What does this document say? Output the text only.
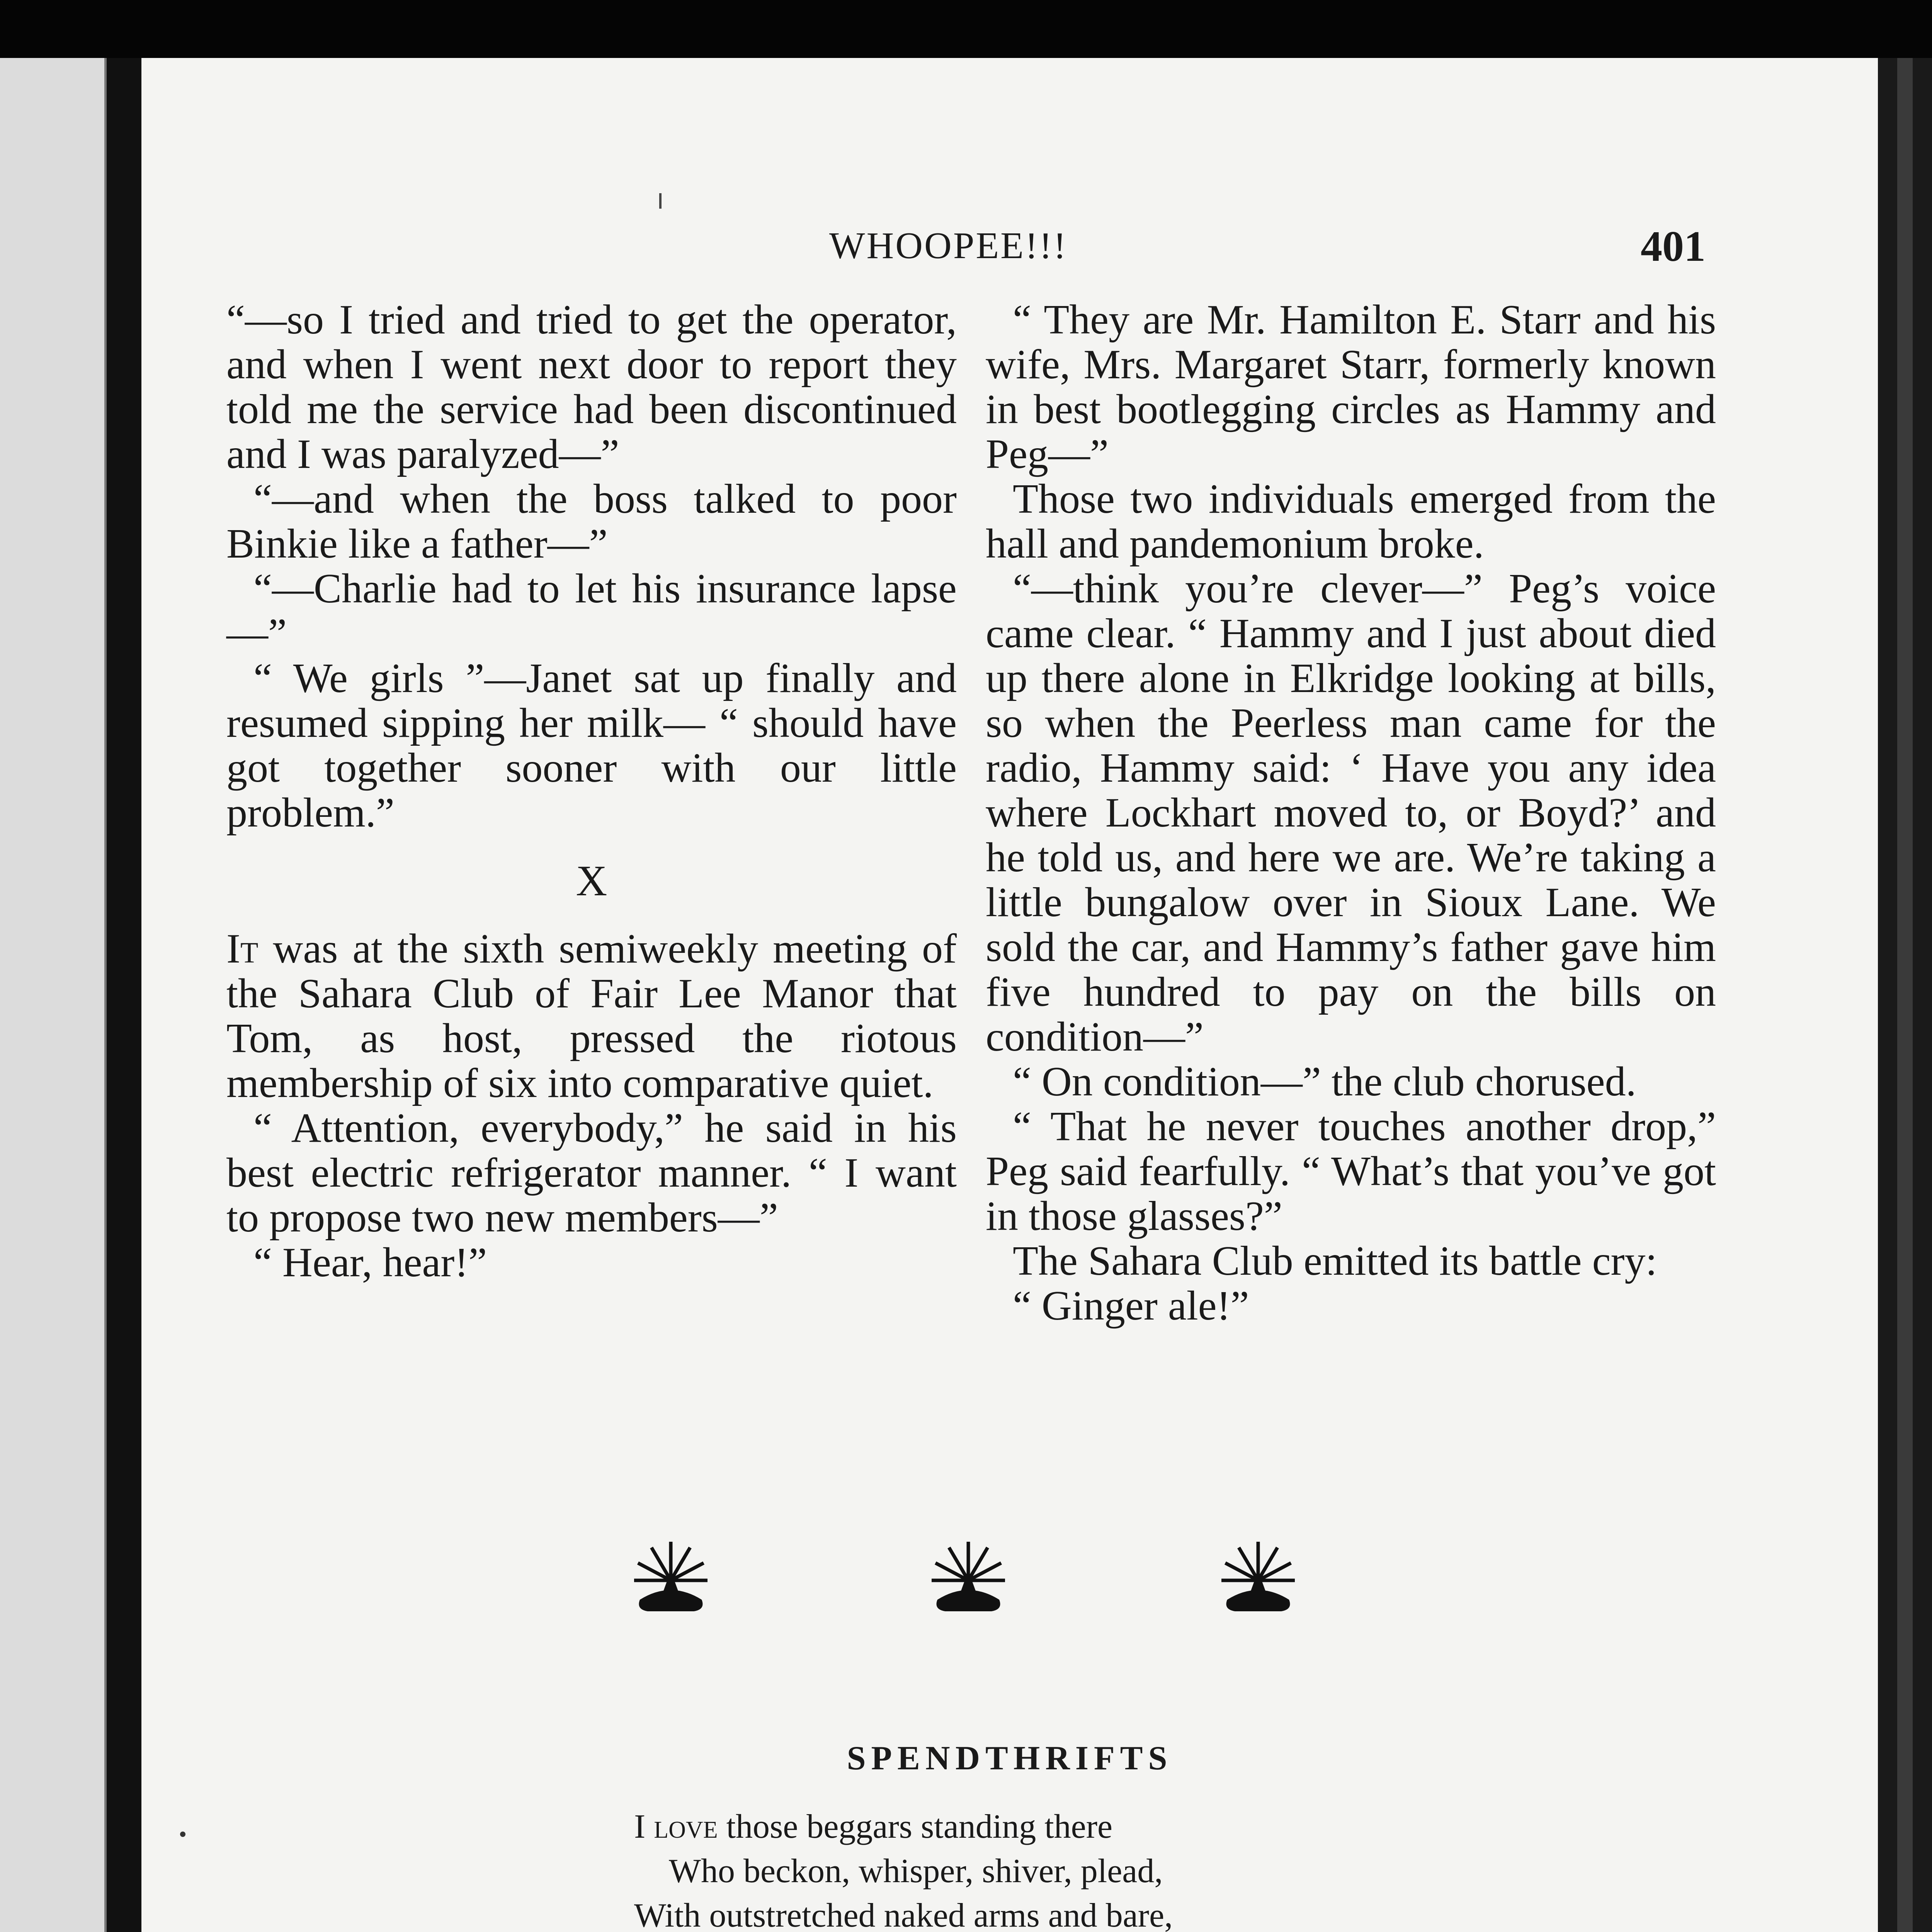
WHOOPEE!!!	401

“—so I tried and tried to get the operator, and when I went next door to report they told me the service had been discontinued and I was paralyzed—”

“—and when the boss talked to poor Binkie like a father—”

“—Charlie had to let his insurance lapse—”

“ We girls ”—Janet sat up finally and resumed sipping her milk— “ should have got together sooner with our little problem.”

X

It was at the sixth semiweekly meeting of the Sahara Club of Fair Lee Manor that Tom, as host, pressed the riotous membership of six into comparative quiet.

“ Attention, everybody,” he said in his best electric refrigerator manner. “ I want to propose two new members—”

“ Hear, hear!”

“ They are Mr. Hamilton E. Starr and his wife, Mrs. Margaret Starr, formerly known in best bootlegging circles as Hammy and Peg—”

Those two individuals emerged from the hall and pandemonium broke.

“—think you’re clever—” Peg’s voice came clear. “ Hammy and I just about died up there alone in Elkridge looking at bills, so when the Peerless man came for the radio, Hammy said: ‘ Have you any idea where Lockhart moved to, or Boyd?’ and he told us, and here we are. We’re taking a little bungalow over in Sioux Lane. We sold the car, and Hammy’s father gave him five hundred to pay on the bills on condition—”

“ On condition—” the club chorused.

“ That he never touches another drop,” Peg said fearfully. “ What’s that you’ve got in those glasses?”

The Sahara Club emitted its battle cry:

“ Ginger ale!”

SPENDTHRIFTS
I love those beggars standing there
Who beckon, whisper, shiver, plead,
With outstretched naked arms and bare,
